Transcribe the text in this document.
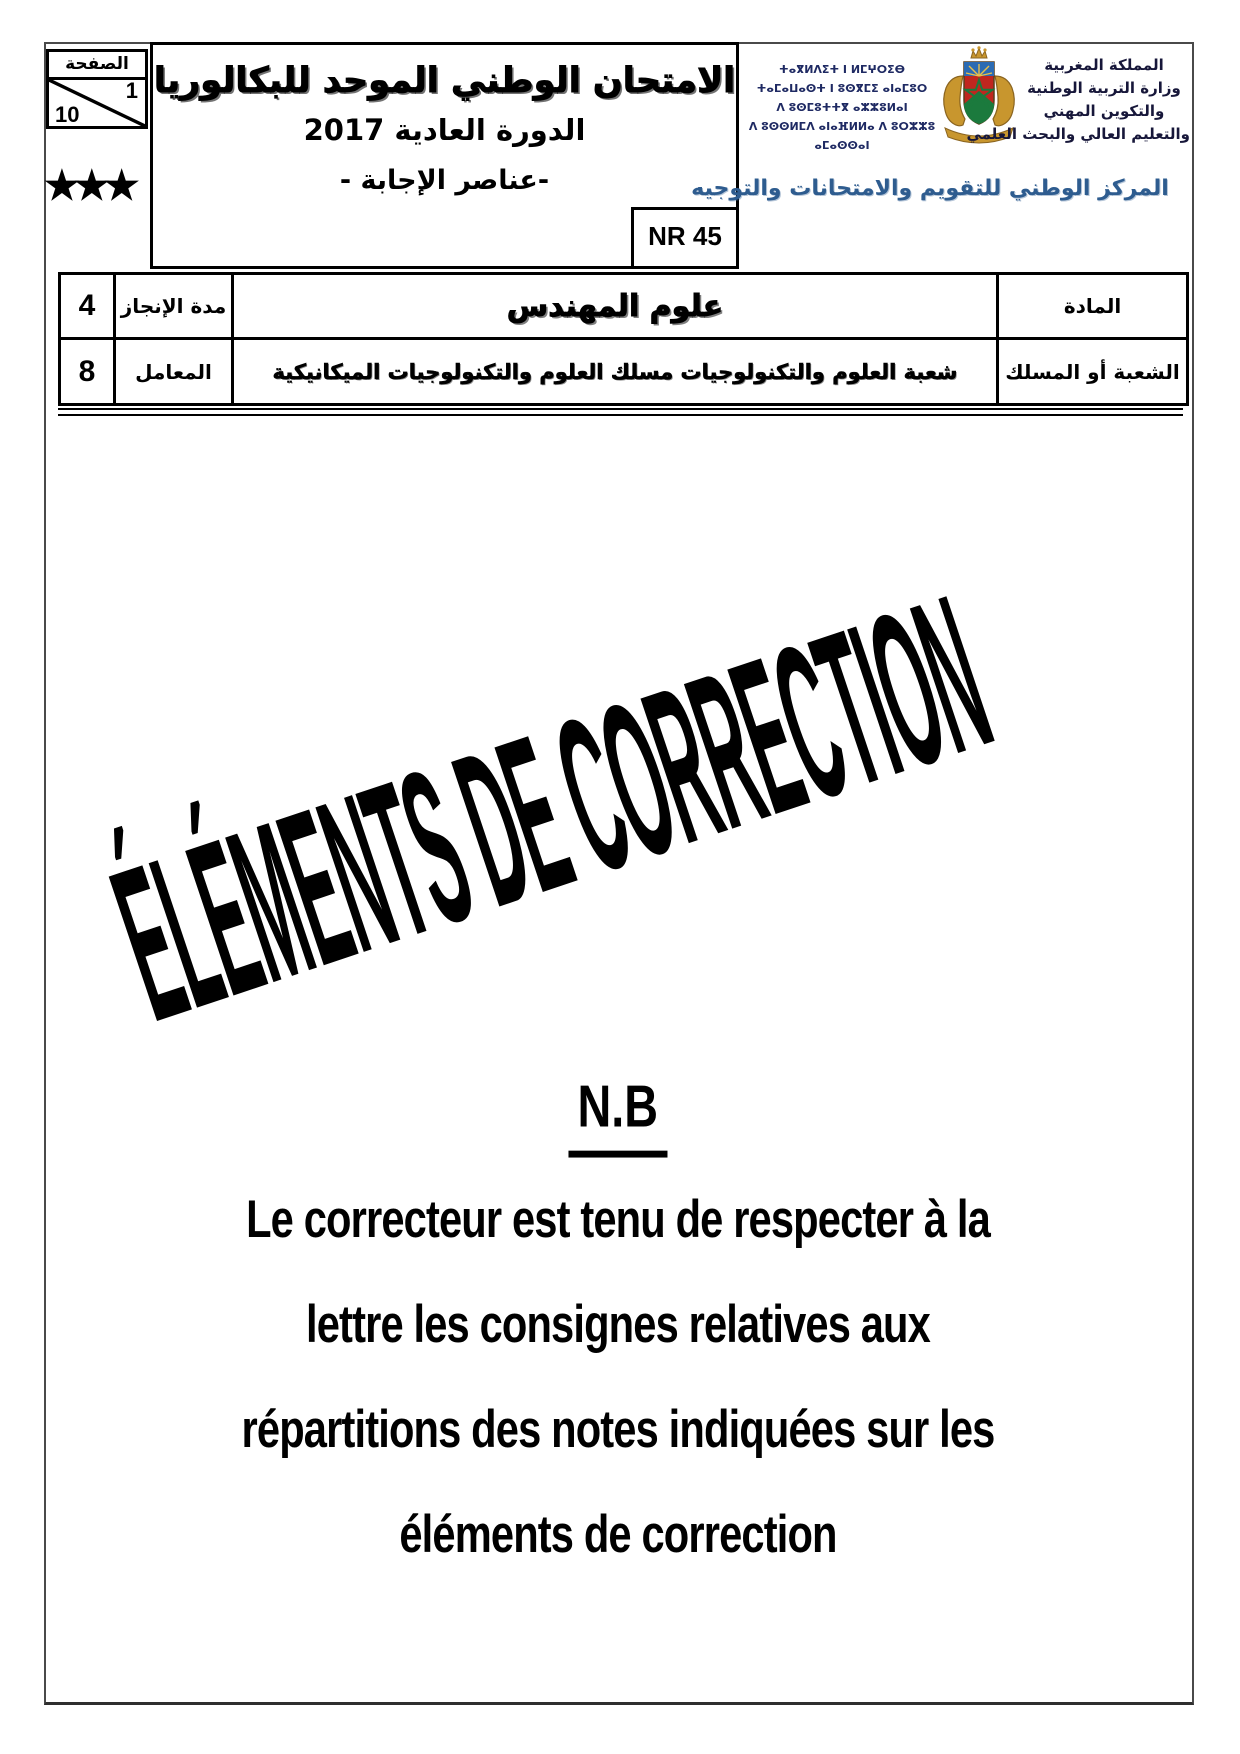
الصفحة
1
10
★★★
الامتحان الوطني الموحد للبكالوريا
الدورة العادية 2017
-عناصر الإجابة -
NR 45
ⵜⴰⴳⵍⴷⵉⵜ ⵏ ⵍⵎⵖⵔⵉⴱ
ⵜⴰⵎⴰⵡⴰⵙⵜ ⵏ ⵓⵙⴳⵎⵉ ⴰⵏⴰⵎⵓⵔ
ⴷ ⵓⵙⵎⵓⵜⵜⴳ ⴰⵣⵣⵓⵍⴰⵏ
ⴷ ⵓⵙⵙⵍⵎⴷ ⴰⵏⴰⴼⵍⵍⴰ ⴷ ⵓⵔⵣⵣⵓ ⴰⵎⴰⵙⵙⴰⵏ
المملكة المغربية
وزارة التربية الوطنية
والتكوين المهني
والتعليم العالي والبحث العلمي
المركز الوطني للتقويم والامتحانات والتوجيه
4	مدة الإنجاز	علوم المهندس	المادة
8	المعامل	شعبة العلوم والتكنولوجيات مسلك العلوم والتكنولوجيات الميكانيكية	الشعبة أو المسلك
ÉLÉMENTS DE CORRECTION
N.B
Le correcteur est tenu de respecter à la
lettre les consignes relatives aux
répartitions des notes indiquées sur les
éléments de correction
